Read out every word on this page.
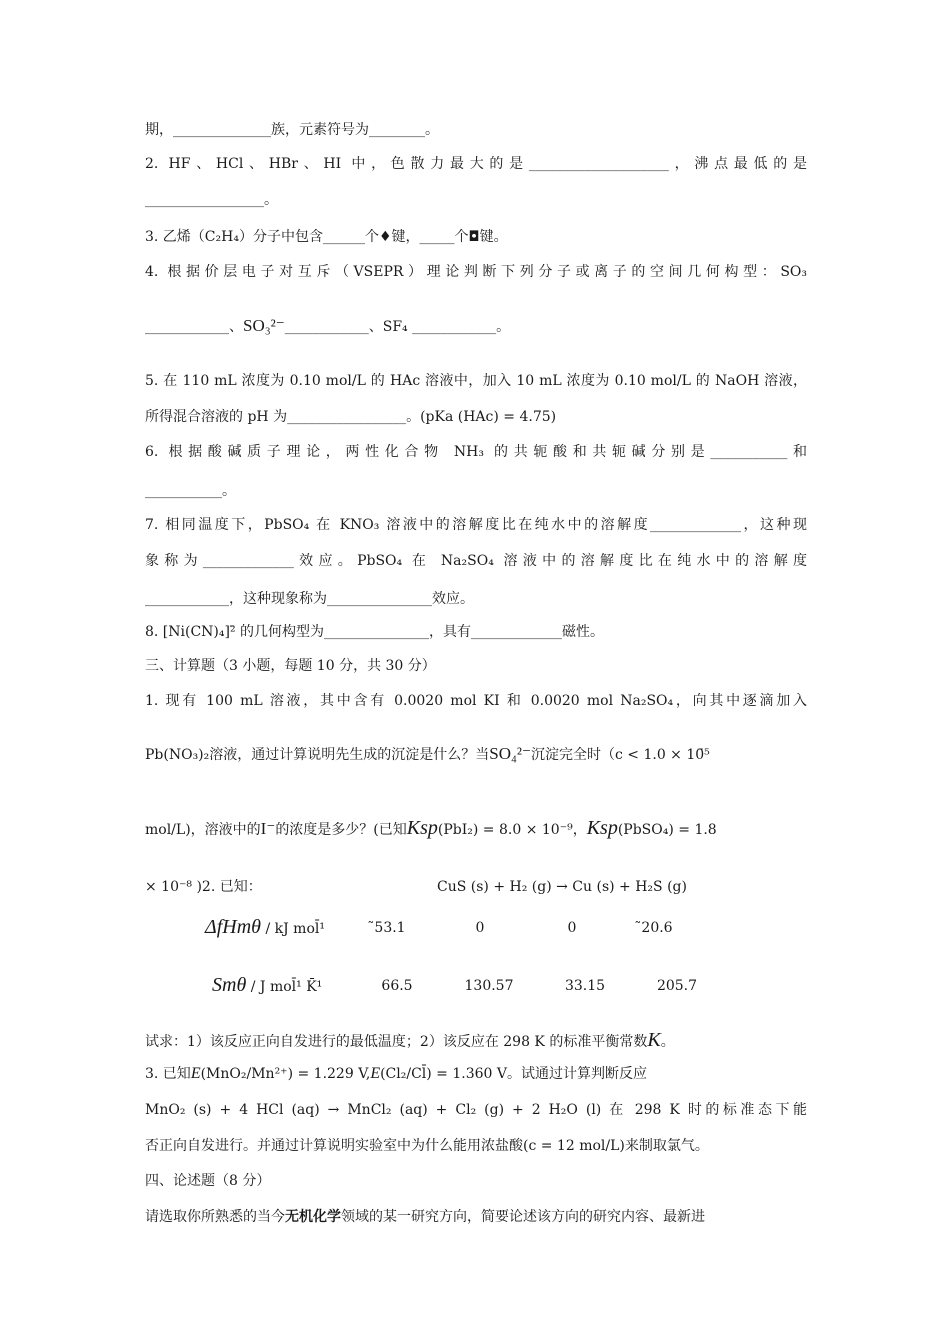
期，______________族，元素符号为________。
2. HF、HCl、HBr、HI 中，色散力最大的是____________________，沸点最低的是
_________________。
3. 乙烯（C₂H₄）分子中包含______个♦键，_____个◘键。
4. 根据价层电子对互斥（VSEPR）理论判断下列分子或离子的空间几何构型：SO₃
____________、SO₃²⁻____________、SF₄ ____________。
5. 在 110 mL 浓度为 0.10 mol/L 的 HAc 溶液中，加入 10 mL 浓度为 0.10 mol/L 的 NaOH 溶液，
所得混合溶液的 pH 为_________________。(pKa (HAc) = 4.75)
6. 根据酸碱质子理论，两性化合物 NH₃ 的共轭酸和共轭碱分别是___________和
___________。
7. 相同温度下，PbSO₄ 在 KNO₃ 溶液中的溶解度比在纯水中的溶解度_____________，这种现
象称为_____________效应。PbSO₄ 在 Na₂SO₄ 溶液中的溶解度比在纯水中的溶解度
____________，这种现象称为_______________效应。
8. [Ni(CN)₄]²̄ 的几何构型为_______________，具有_____________磁性。
三、计算题（3 小题，每题 10 分，共 30 分）
1. 现有 100 mL 溶液，其中含有 0.0020 mol KI 和 0.0020 mol Na₂SO₄，向其中逐滴加入
Pb(NO₃)₂溶液，通过计算说明先生成的沉淀是什么？当SO₄²⁻沉淀完全时（c < 1.0 × 10̄⁵
mol/L)，溶液中的I⁻的浓度是多少？(已知Ksp(PbI₂) = 8.0 × 10⁻⁹，Ksp(PbSO₄) = 1.8
× 10⁻⁸ )2. 已知：	CuS (s) + H₂ (g) → Cu (s) + H₂S (g)
ΔfHmθ / kJ mol̄¹	̃53.1	0	0	̃20.6
Smθ / J mol̄¹ K̄¹	66.5	130.57	33.15	205.7
试求：1）该反应正向自发进行的最低温度；2）该反应在 298 K 的标准平衡常数K。
3. 已知E(MnO₂/Mn²⁺) = 1.229 V,E(Cl₂/Cl̄) = 1.360 V。试通过计算判断反应
MnO₂ (s) + 4 HCl (aq) → MnCl₂ (aq) + Cl₂ (g) + 2 H₂O (l) 在 298 K 时的标准态下能
否正向自发进行。并通过计算说明实验室中为什么能用浓盐酸(c = 12 mol/L)来制取氯气。
四、论述题（8 分）
请选取你所熟悉的当今无机化学领域的某一研究方向，简要论述该方向的研究内容、最新进
